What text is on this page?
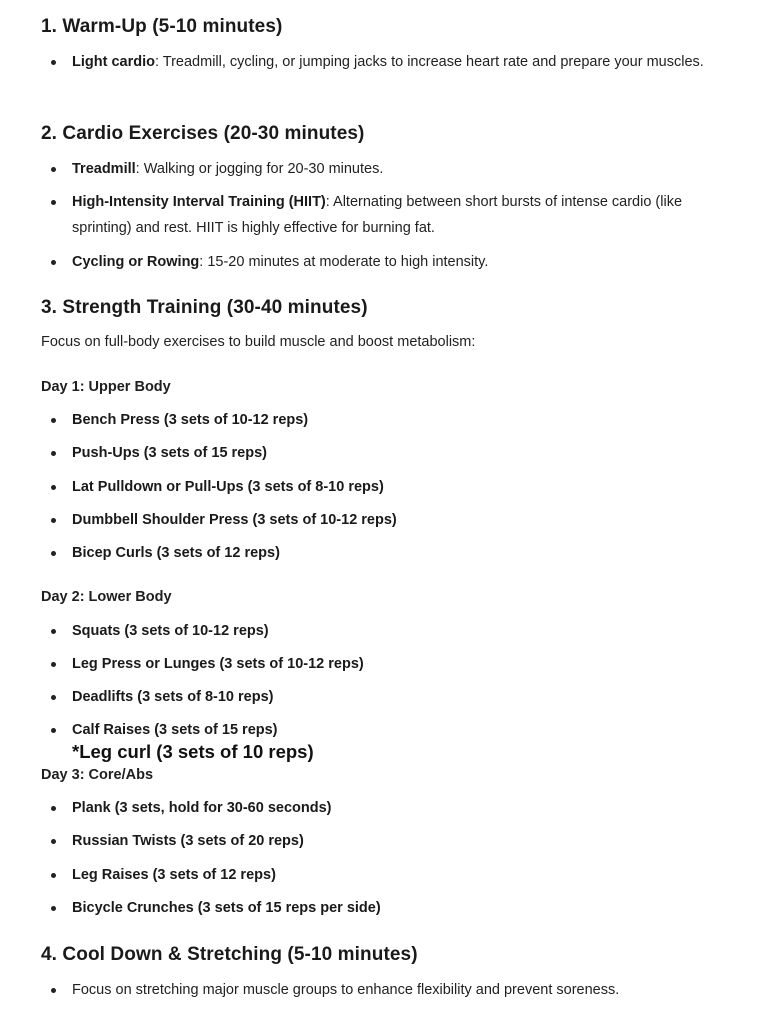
1. Warm-Up (5-10 minutes)
Light cardio: Treadmill, cycling, or jumping jacks to increase heart rate and prepare your muscles.
2. Cardio Exercises (20-30 minutes)
Treadmill: Walking or jogging for 20-30 minutes.
High-Intensity Interval Training (HIIT): Alternating between short bursts of intense cardio (like sprinting) and rest. HIIT is highly effective for burning fat.
Cycling or Rowing: 15-20 minutes at moderate to high intensity.
3. Strength Training (30-40 minutes)
Focus on full-body exercises to build muscle and boost metabolism:
Day 1: Upper Body
Bench Press (3 sets of 10-12 reps)
Push-Ups (3 sets of 15 reps)
Lat Pulldown or Pull-Ups (3 sets of 8-10 reps)
Dumbbell Shoulder Press (3 sets of 10-12 reps)
Bicep Curls (3 sets of 12 reps)
Day 2: Lower Body
Squats (3 sets of 10-12 reps)
Leg Press or Lunges (3 sets of 10-12 reps)
Deadlifts (3 sets of 8-10 reps)
Calf Raises (3 sets of 15 reps)
*Leg curl (3 sets of 10 reps)
Day 3: Core/Abs
Plank (3 sets, hold for 30-60 seconds)
Russian Twists (3 sets of 20 reps)
Leg Raises (3 sets of 12 reps)
Bicycle Crunches (3 sets of 15 reps per side)
4. Cool Down & Stretching (5-10 minutes)
Focus on stretching major muscle groups to enhance flexibility and prevent soreness.
